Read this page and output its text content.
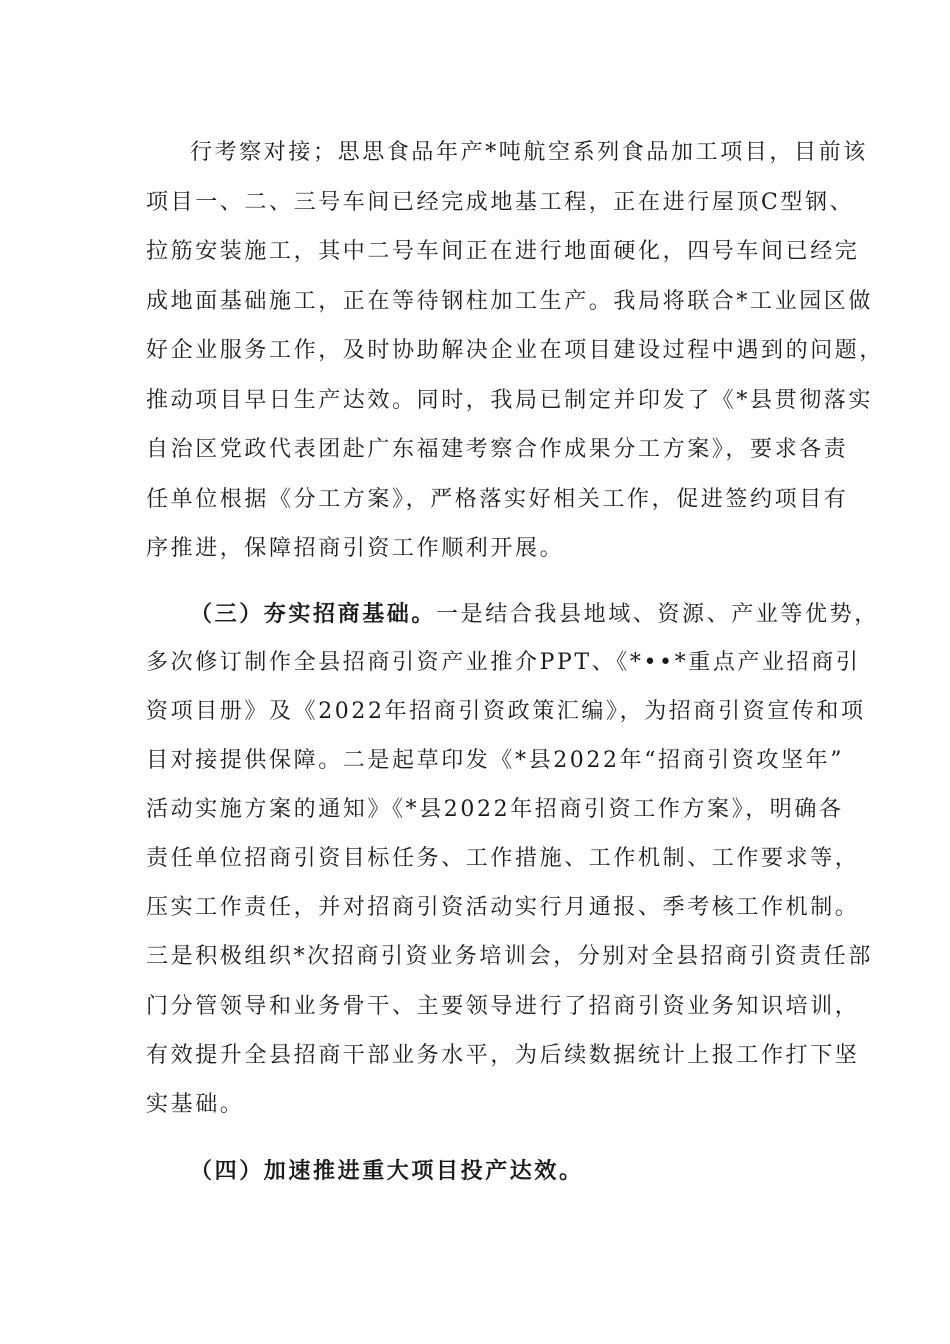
行考察对接；思思食品年产*吨航空系列食品加工项目，目前该
项目一、二、三号车间已经完成地基工程，正在进行屋顶C型钢、
拉筋安装施工，其中二号车间正在进行地面硬化，四号车间已经完
成地面基础施工，正在等待钢柱加工生产。我局将联合*工业园区做
好企业服务工作，及时协助解决企业在项目建设过程中遇到的问题，
推动项目早日生产达效。同时，我局已制定并印发了《*县贯彻落实
自治区党政代表团赴广东福建考察合作成果分工方案》，要求各责
任单位根据《分工方案》，严格落实好相关工作，促进签约项目有
序推进，保障招商引资工作顺利开展。
（三）夯实招商基础。一是结合我县地域、资源、产业等优势，
多次修订制作全县招商引资产业推介PPT、《*••*重点产业招商引
资项目册》及《2022年招商引资政策汇编》，为招商引资宣传和项
目对接提供保障。二是起草印发《*县2022年“招商引资攻坚年”
活动实施方案的通知》《*县2022年招商引资工作方案》，明确各
责任单位招商引资目标任务、工作措施、工作机制、工作要求等，
压实工作责任，并对招商引资活动实行月通报、季考核工作机制。
三是积极组织*次招商引资业务培训会，分别对全县招商引资责任部
门分管领导和业务骨干、主要领导进行了招商引资业务知识培训，
有效提升全县招商干部业务水平，为后续数据统计上报工作打下坚
实基础。
（四）加速推进重大项目投产达效。
